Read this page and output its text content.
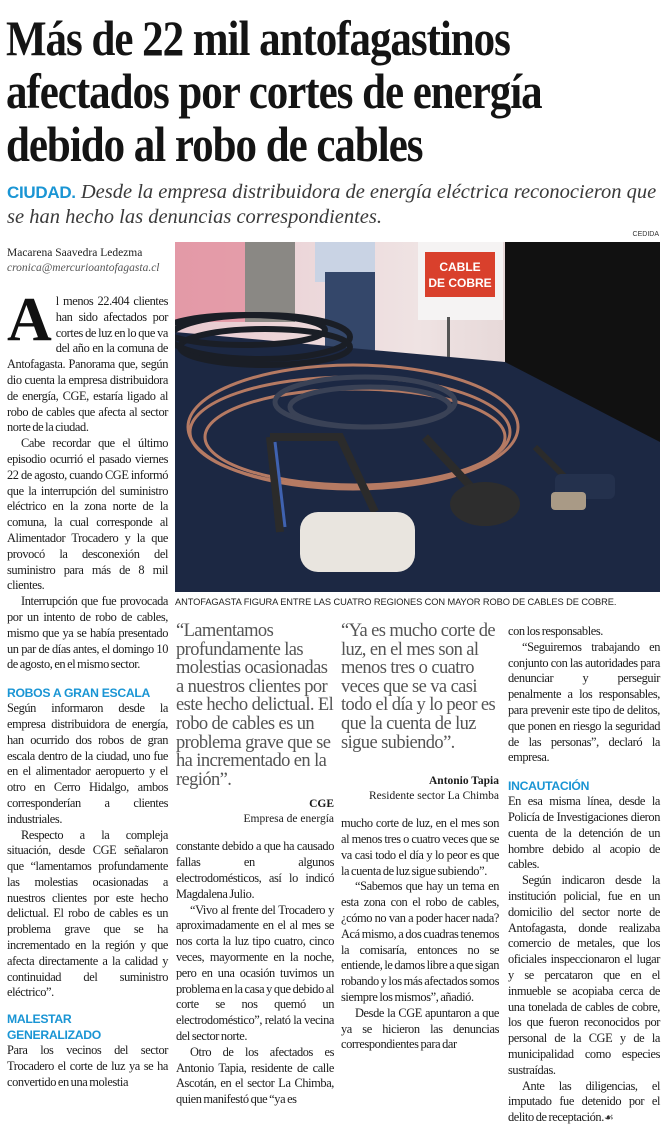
Más de 22 mil antofagastinos
afectados por cortes de energía
debido al robo de cables
CIUDAD. Desde la empresa distribuidora de energía eléctrica reconocieron que se han hecho las denuncias correspondientes.
CEDIDA
Macarena Saavedra Ledezma
cronica@mercurioantofagasta.cl

Al menos 22.404 clientes han sido afectados por cortes de luz en lo que va del año en la comuna de Antofagasta. Panorama que, según dio cuenta la empresa distribuidora de energía, CGE, estaría ligado al robo de cables que afecta al sector norte de la ciudad.

Cabe recordar que el último episodio ocurrió el pasado viernes 22 de agosto, cuando CGE informó que la interrupción del suministro eléctrico en la zona norte de la comuna, la cual corresponde al Alimentador Trocadero y la que provocó la desconexión del suministro para más de 8 mil clientes.

Interrupción que fue provocada por un intento de robo de cables, mismo que ya se había presentado un par de días antes, el domingo 10 de agosto, en el mismo sector.

ROBOS A GRAN ESCALA

Según informaron desde la empresa distribuidora de energía, han ocurrido dos robos de gran escala dentro de la ciudad, uno fue en el alimentador aeropuerto y el otro en Cerro Hidalgo, ambos corresponderían a clientes industriales.

Respecto a la compleja situación, desde CGE señalaron que “lamentamos profundamente las molestias ocasionadas a nuestros clientes por este hecho delictual. El robo de cables es un problema grave que se ha incrementado en la región y que afecta directamente a la calidad y continuidad del suministro eléctrico”.

MALESTAR GENERALIZADO

Para los vecinos del sector Trocadero el corte de luz ya se ha convertido en una molestia

CABLE
DE COBRE
ANTOFAGASTA FIGURA ENTRE LAS CUATRO REGIONES CON MAYOR ROBO DE CABLES DE COBRE.
“Lamentamos profundamente las molestias ocasionadas a nuestros clientes por este hecho delictual. El robo de cables es un problema grave que se ha incrementado en la región”.
CGE
Empresa de energía

constante debido a que ha causado fallas en algunos electrodomésticos, así lo indicó Magdalena Julio.

“Vivo al frente del Trocadero y aproximadamente en el al mes se nos corta la luz tipo cuatro, cinco veces, mayormente en la noche, pero en una ocasión tuvimos un problema en la casa y que debido al corte se nos quemó un electrodoméstico”, relató la vecina del sector norte.

Otro de los afectados es Antonio Tapia, residente de calle Ascotán, en el sector La Chimba, quien manifestó que “ya es

“Ya es mucho corte de luz, en el mes son al menos tres o cuatro veces que se va casi todo el día y lo peor es que la cuenta de luz sigue subiendo”.
Antonio Tapia
Residente sector La Chimba

mucho corte de luz, en el mes son al menos tres o cuatro veces que se va casi todo el día y lo peor es que la cuenta de luz sigue subiendo”.

“Sabemos que hay un tema en esta zona con el robo de cables, ¿cómo no van a poder hacer nada? Acá mismo, a dos cuadras tenemos la comisaría, entonces no se entiende, le damos libre a que sigan robando y los más afectados somos siempre los mismos”, añadió.

Desde la CGE apuntaron a que ya se hicieron las denuncias correspondientes para dar

con los responsables.

“Seguiremos trabajando en conjunto con las autoridades para denunciar y perseguir penalmente a los responsables, para prevenir este tipo de delitos, que ponen en riesgo la seguridad de las personas”, declaró la empresa.

INCAUTACIÓN

En esa misma línea, desde la Policía de Investigaciones dieron cuenta de la detención de un hombre debido al acopio de cables.

Según indicaron desde la institución policial, fue en un domicilio del sector norte de Antofagasta, donde realizaba comercio de metales, que los oficiales inspeccionaron el lugar y se percataron que en el inmueble se acopiaba cerca de una tonelada de cables de cobre, los que fueron reconocidos por personal de la CGE y de la municipalidad como especies sustraídas.

Ante las diligencias, el imputado fue detenido por el delito de receptación.☙
